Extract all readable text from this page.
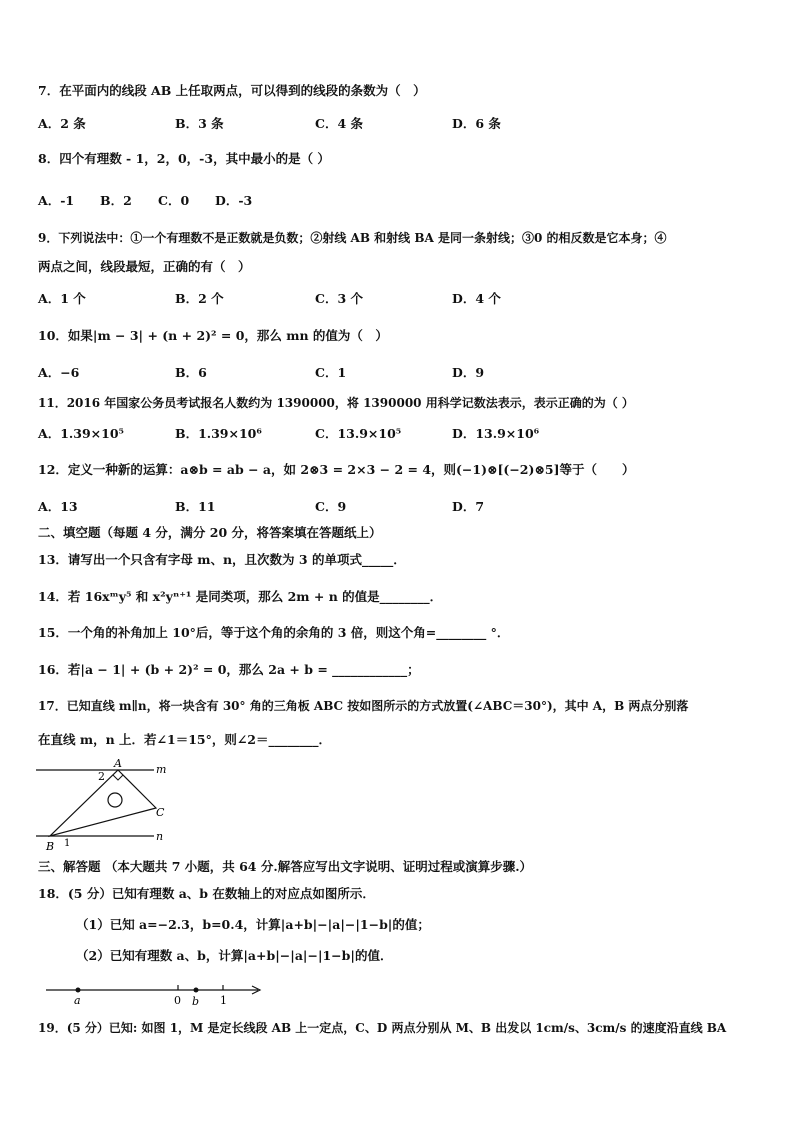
7．在平面内的线段 AB 上任取两点，可以得到的线段的条数为（　）
A．2 条	B．3 条	C．4 条	D．6 条
8．四个有理数 - 1，2，0，-3，其中最小的是（ ）
A．-1 B．2 C．0 D．-3
9．下列说法中：①一个有理数不是正数就是负数；②射线 AB 和射线 BA 是同一条射线；③0 的相反数是它本身；④
两点之间，线段最短，正确的有（　）
A．1 个	B．2 个	C．3 个	D．4 个
10．如果|m − 3| + (n + 2)² = 0，那么 mn 的值为（　）
A．−6	B．6	C．1	D．9
11．2016 年国家公务员考试报名人数约为 1390000，将 1390000 用科学记数法表示，表示正确的为（ ）
A．1.39×10⁵	B．1.39×10⁶	C．13.9×10⁵	D．13.9×10⁶
12．定义一种新的运算：a⊗b = ab − a，如 2⊗3 = 2×3 − 2 = 4，则(−1)⊗[(−2)⊗5]等于（　　）
A．13	B．11	C．9	D．7
二、填空题（每题 4 分，满分 20 分，将答案填在答题纸上）
13．请写出一个只含有字母 m、n，且次数为 3 的单项式_____．
14．若 16xᵐy⁵ 和 x²yⁿ⁺¹ 是同类项，那么 2m + n 的值是________．
15．一个角的补角加上 10°后，等于这个角的余角的 3 倍，则这个角=________ °．
16．若|a − 1| + (b + 2)² = 0，那么 2a + b = ____________；
17．已知直线 m∥n，将一块含有 30° 角的三角板 ABC 按如图所示的方式放置(∠ABC＝30°)，其中 A，B 两点分别落
在直线 m，n 上．若∠1＝15°，则∠2＝________．
A	m
2
C
n
B 1
三、解答题 （本大题共 7 小题，共 64 分.解答应写出文字说明、证明过程或演算步骤.）
18．(5 分）已知有理数 a、b 在数轴上的对应点如图所示．
（1）已知 a=−2.3，b=0.4，计算|a+b|−|a|−|1−b|的值；
（2）已知有理数 a、b，计算|a+b|−|a|−|1−b|的值．
a	0 b 1
19．(5 分）已知: 如图 1，M 是定长线段 AB 上一定点，C、D 两点分别从 M、B 出发以 1cm/s、3cm/s 的速度沿直线 BA
